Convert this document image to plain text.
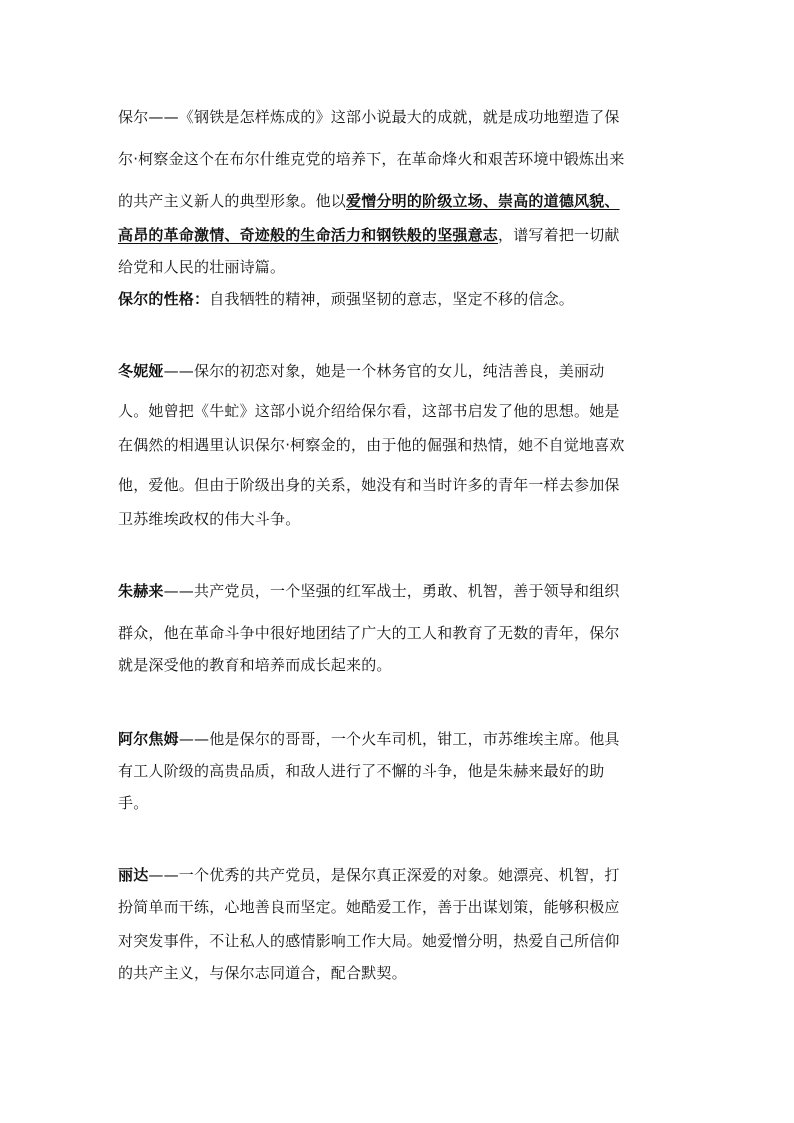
保尔——《钢铁是怎样炼成的》这部小说最大的成就，就是成功地塑造了保
尔·柯察金这个在布尔什维克党的培养下，在革命烽火和艰苦环境中锻炼出来
的共产主义新人的典型形象。他以爱憎分明的阶级立场、崇高的道德风貌、
高昂的革命激情、奇迹般的生命活力和钢铁般的坚强意志，谱写着把一切献
给党和人民的壮丽诗篇。
保尔的性格：自我牺牲的精神，顽强坚韧的意志，坚定不移的信念。
冬妮娅——保尔的初恋对象，她是一个林务官的女儿，纯洁善良，美丽动
人。她曾把《牛虻》这部小说介绍给保尔看，这部书启发了他的思想。她是
在偶然的相遇里认识保尔·柯察金的，由于他的倔强和热情，她不自觉地喜欢
他，爱他。但由于阶级出身的关系，她没有和当时许多的青年一样去参加保
卫苏维埃政权的伟大斗争。
朱赫来——共产党员，一个坚强的红军战士，勇敢、机智，善于领导和组织
群众，他在革命斗争中很好地团结了广大的工人和教育了无数的青年，保尔
就是深受他的教育和培养而成长起来的。
阿尔焦姆——他是保尔的哥哥，一个火车司机，钳工，市苏维埃主席。他具
有工人阶级的高贵品质，和敌人进行了不懈的斗争，他是朱赫来最好的助
手。
丽达——一个优秀的共产党员，是保尔真正深爱的对象。她漂亮、机智，打
扮简单而干练，心地善良而坚定。她酷爱工作，善于出谋划策，能够积极应
对突发事件，不让私人的感情影响工作大局。她爱憎分明，热爱自己所信仰
的共产主义，与保尔志同道合，配合默契。
